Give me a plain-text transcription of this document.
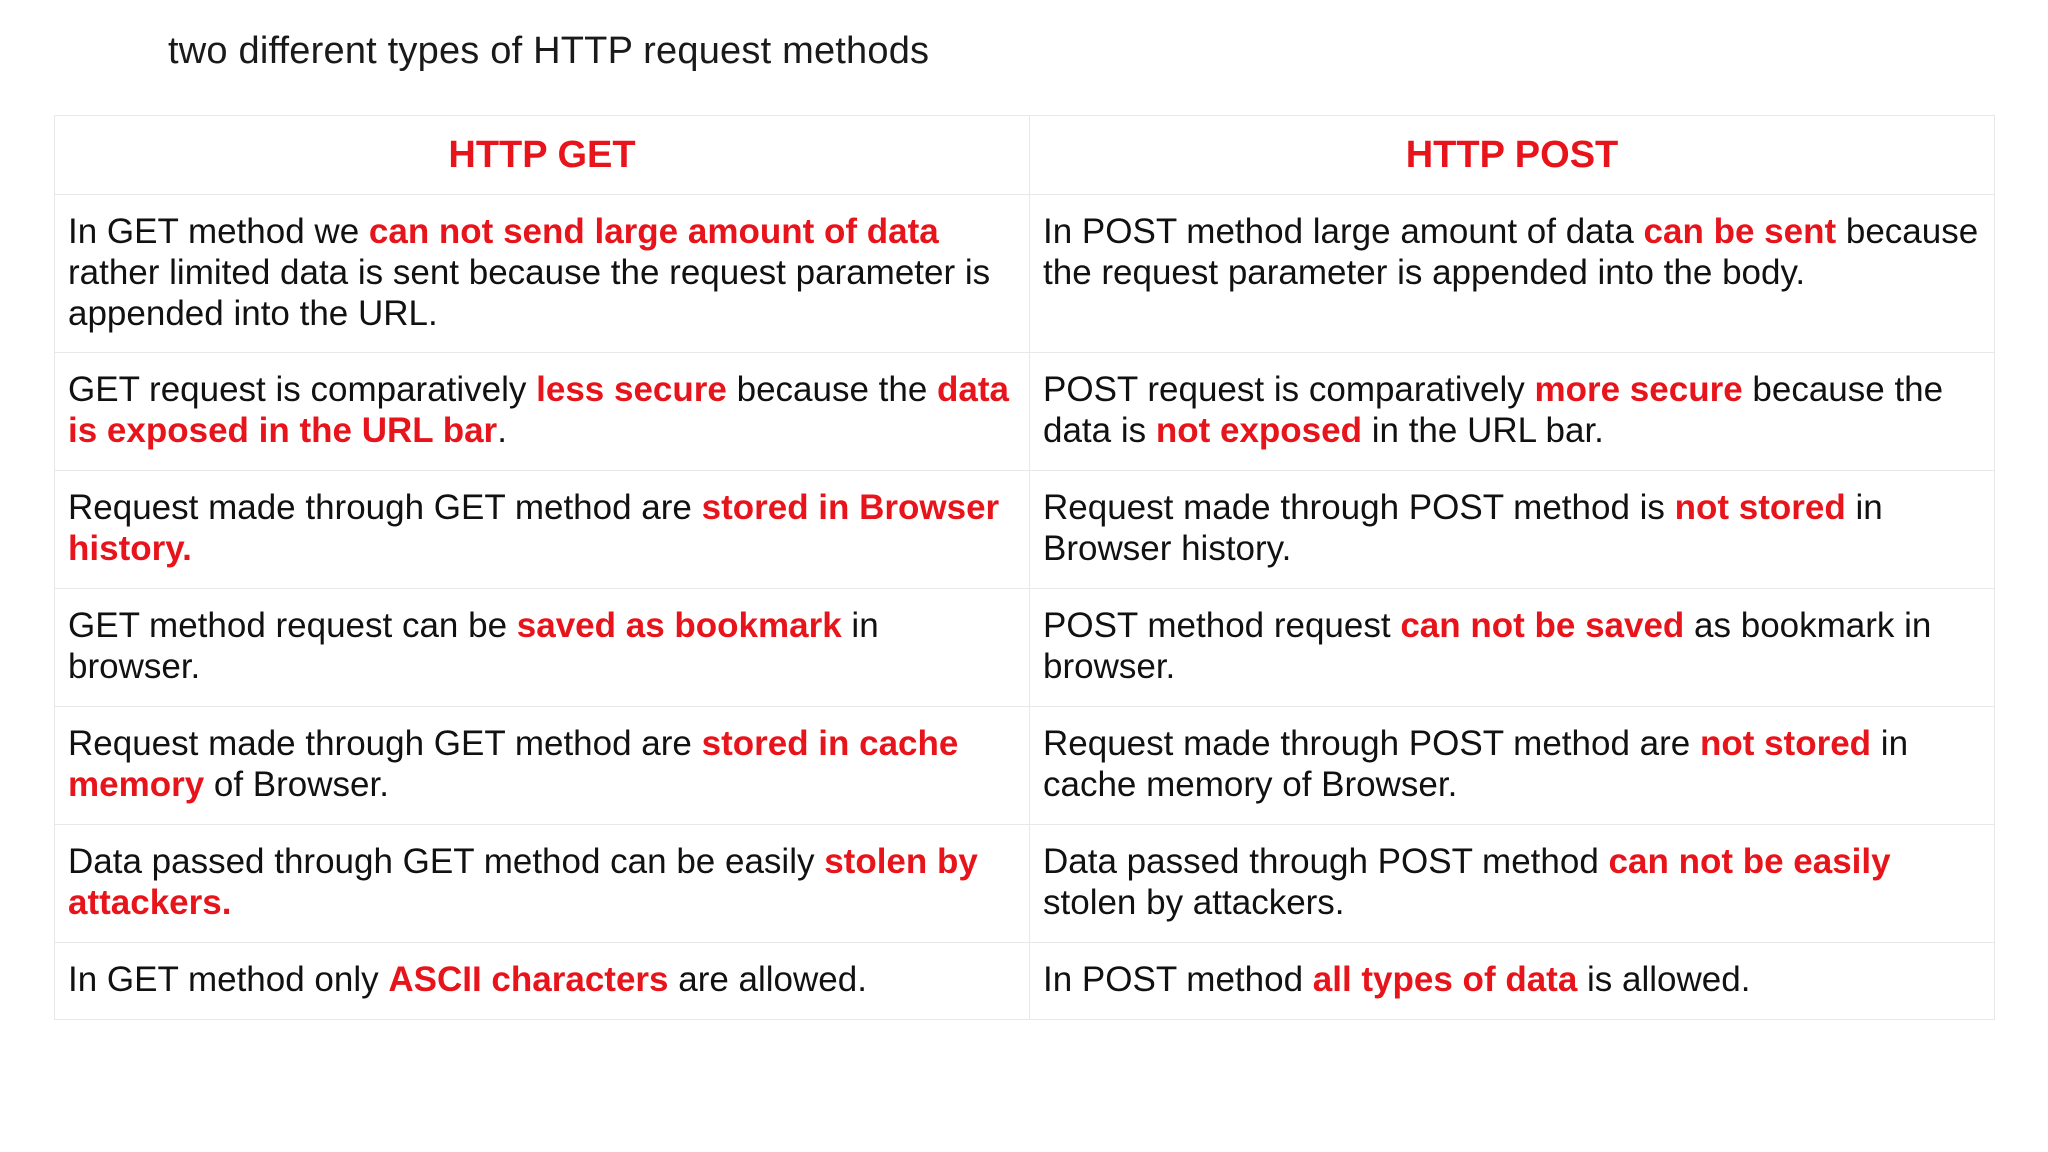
two different types of HTTP request methods
HTTP GET	HTTP POST
In GET method we can not send large amount of data rather limited data is sent because the request parameter is appended into the URL.	In POST method large amount of data can be sent because the request parameter is appended into the body.
GET request is comparatively less secure because the data is exposed in the URL bar.	POST request is comparatively more secure because the data is not exposed in the URL bar.
Request made through GET method are stored in Browser history.	Request made through POST method is not stored in Browser history.
GET method request can be saved as bookmark in browser.	POST method request can not be saved as bookmark in browser.
Request made through GET method are stored in cache memory of Browser.	Request made through POST method are not stored in cache memory of Browser.
Data passed through GET method can be easily stolen by attackers.	Data passed through POST method can not be easily stolen by attackers.
In GET method only ASCII characters are allowed.	In POST method all types of data is allowed.
